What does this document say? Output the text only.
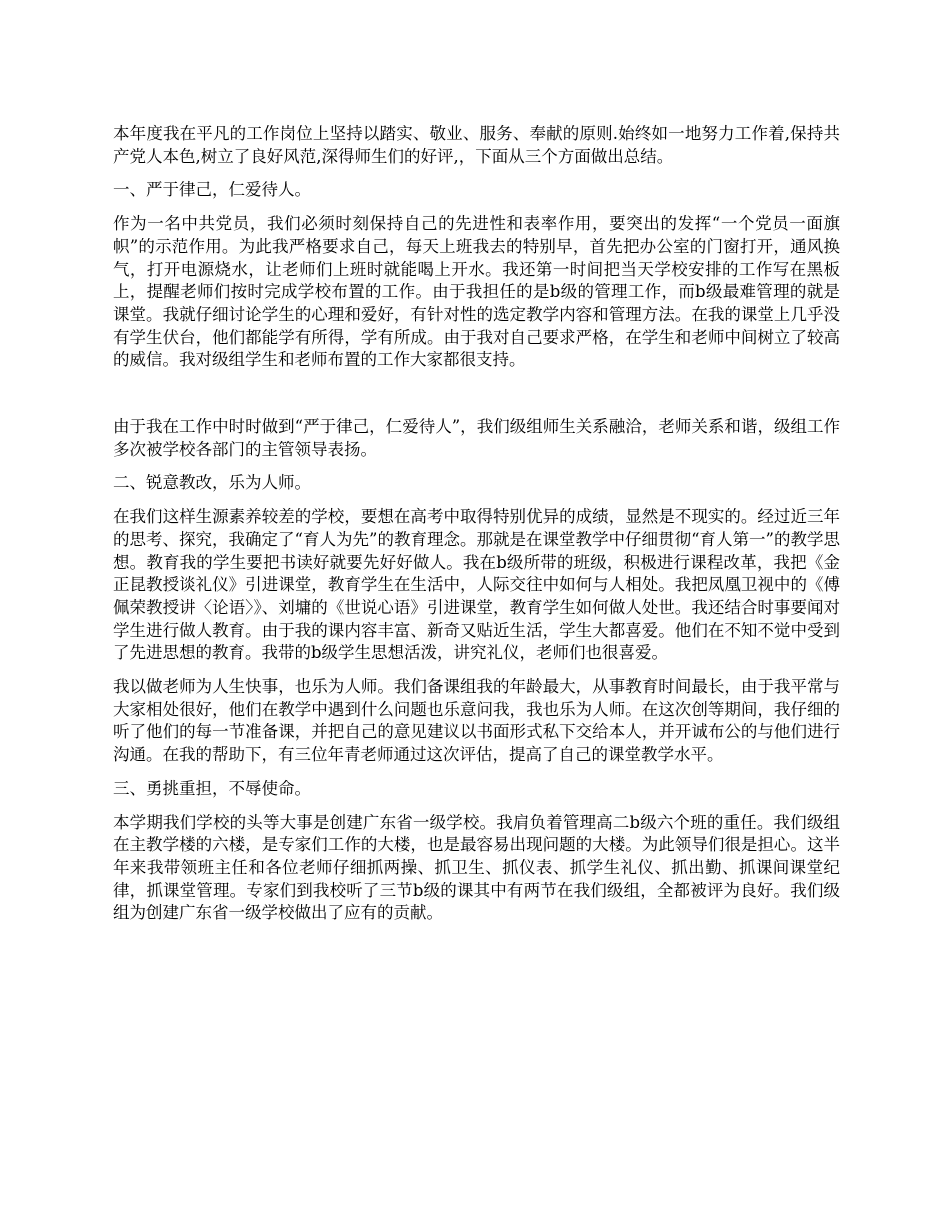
本年度我在平凡的工作岗位上坚持以踏实、敬业、服务、奉献的原则.始终如一地努力工作着,保持共产党人本色,树立了良好风范,深得师生们的好评,，下面从三个方面做出总结。

一、严于律己，仁爱待人。

作为一名中共党员，我们必须时刻保持自己的先进性和表率作用，要突出的发挥“一个党员一面旗帜”的示范作用。为此我严格要求自己，每天上班我去的特别早，首先把办公室的门窗打开，通风换气，打开电源烧水，让老师们上班时就能喝上开水。我还第一时间把当天学校安排的工作写在黑板上，提醒老师们按时完成学校布置的工作。由于我担任的是b级的管理工作，而b级最难管理的就是课堂。我就仔细讨论学生的心理和爱好，有针对性的选定教学内容和管理方法。在我的课堂上几乎没有学生伏台，他们都能学有所得，学有所成。由于我对自己要求严格，在学生和老师中间树立了较高的威信。我对级组学生和老师布置的工作大家都很支持。

由于我在工作中时时做到“严于律己，仁爱待人”，我们级组师生关系融洽，老师关系和谐，级组工作多次被学校各部门的主管领导表扬。

二、锐意教改，乐为人师。

在我们这样生源素养较差的学校，要想在高考中取得特别优异的成绩，显然是不现实的。经过近三年的思考、探究，我确定了“育人为先”的教育理念。那就是在课堂教学中仔细贯彻“育人第一”的教学思想。教育我的学生要把书读好就要先好好做人。我在b级所带的班级，积极进行课程改革，我把《金正昆教授谈礼仪》引进课堂，教育学生在生活中，人际交往中如何与人相处。我把凤凰卫视中的《傅佩荣教授讲〈论语〉》、刘墉的《世说心语》引进课堂，教育学生如何做人处世。我还结合时事要闻对学生进行做人教育。由于我的课内容丰富、新奇又贴近生活，学生大都喜爱。他们在不知不觉中受到了先进思想的教育。我带的b级学生思想活泼，讲究礼仪，老师们也很喜爱。

我以做老师为人生快事，也乐为人师。我们备课组我的年龄最大，从事教育时间最长，由于我平常与大家相处很好，他们在教学中遇到什么问题也乐意问我，我也乐为人师。在这次创等期间，我仔细的听了他们的每一节准备课，并把自己的意见建议以书面形式私下交给本人，并开诚布公的与他们进行沟通。在我的帮助下，有三位年青老师通过这次评估，提高了自己的课堂教学水平。

三、勇挑重担，不辱使命。

本学期我们学校的头等大事是创建广东省一级学校。我肩负着管理高二b级六个班的重任。我们级组在主教学楼的六楼，是专家们工作的大楼，也是最容易出现问题的大楼。为此领导们很是担心。这半年来我带领班主任和各位老师仔细抓两操、抓卫生、抓仪表、抓学生礼仪、抓出勤、抓课间课堂纪律，抓课堂管理。专家们到我校听了三节b级的课其中有两节在我们级组，全都被评为良好。我们级组为创建广东省一级学校做出了应有的贡献。
